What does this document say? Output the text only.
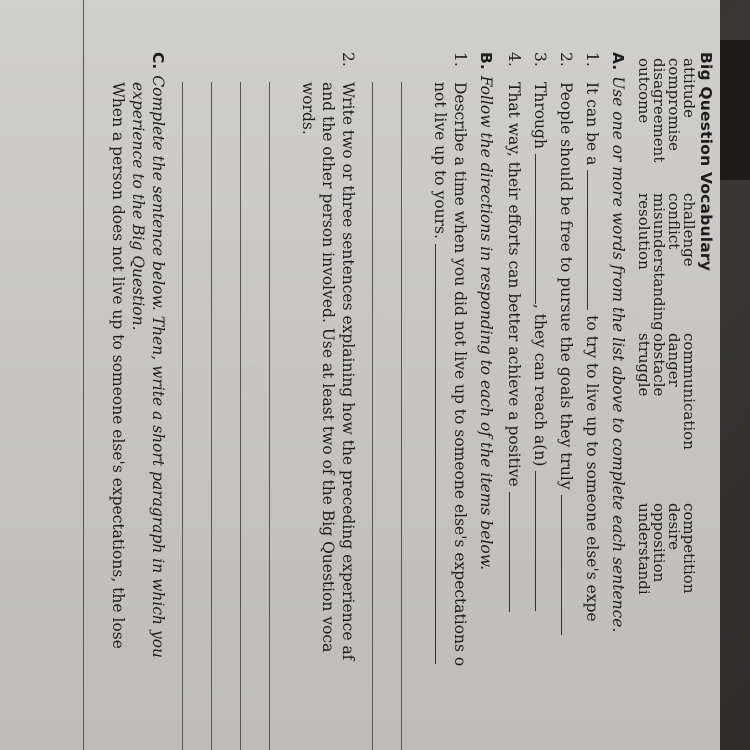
Big Question Vocabulary
attitude
challenge
communication
competition
compromise
conflict
danger
desire
disagreement
misunderstanding
obstacle
opposition
outcome
resolution
struggle
understandi
A.Use one or more words from the list above to complete each sentence.
1.
It can be a  to try to live up to someone else's expe
2.
People should be free to pursue the goals they truly
3.
Through , they can reach a(n)
4.
That way, their efforts can better achieve a positive
B.Follow the directions in responding to each of the items below.
1.
Describe a time when you did not live up to someone else's expectations o
not live up to yours.
2.
Write two or three sentences explaining how the preceding experience af
and the other person involved. Use at least two of the Big Question voca
words.
C.Complete the sentence below. Then, write a short paragraph in which you
experience to the Big Question.
When a person does not live up to someone else's expectations, the lose
